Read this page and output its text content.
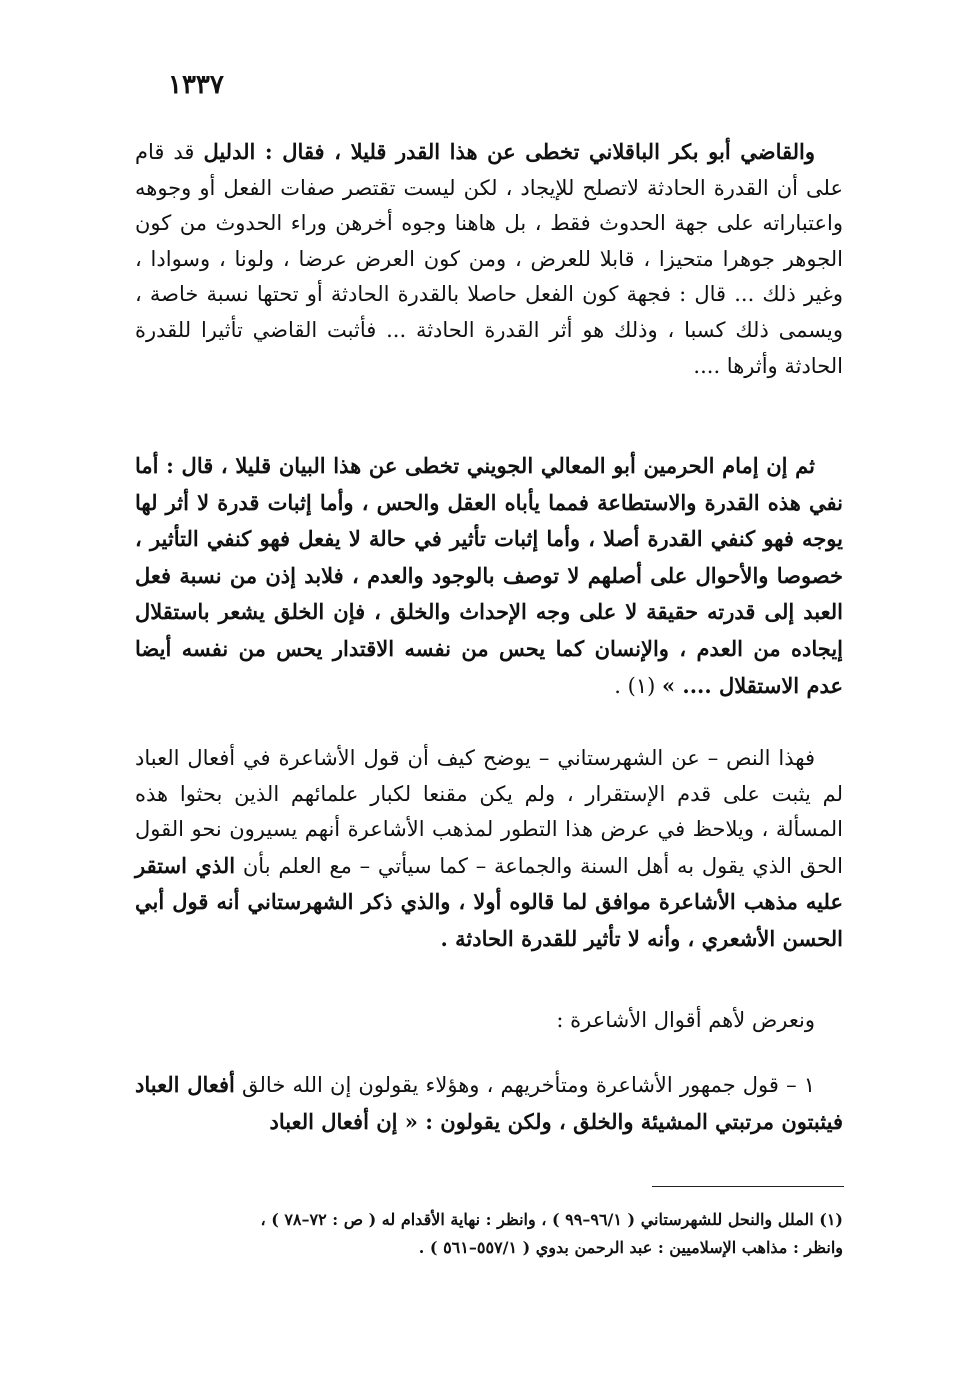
١٣٣٧

والقاضي أبو بكر الباقلاني تخطى عن هذا القدر قليلا ، فقال : الدليل قد قام على أن القدرة الحادثة لاتصلح للإيجاد ، لكن ليست تقتصر صفات الفعل أو وجوهه واعتباراته على جهة الحدوث فقط ، بل هاهنا وجوه أخرهن وراء الحدوث من كون الجوهر جوهرا متحيزا ، قابلا للعرض ، ومن كون العرض عرضا ، ولونا ، وسوادا ، وغير ذلك ... قال : فجهة كون الفعل حاصلا بالقدرة الحادثة أو تحتها نسبة خاصة ، ويسمى ذلك كسبا ، وذلك هو أثر القدرة الحادثة ... فأثبت القاضي تأثيرا للقدرة الحادثة وأثرها ....

ثم إن إمام الحرمين أبو المعالي الجويني تخطى عن هذا البيان قليلا ، قال : أما نفي هذه القدرة والاستطاعة فمما يأباه العقل والحس ، وأما إثبات قدرة لا أثر لها يوجه فهو كنفي القدرة أصلا ، وأما إثبات تأثير في حالة لا يفعل فهو كنفي التأثير ، خصوصا والأحوال على أصلهم لا توصف بالوجود والعدم ، فلابد إذن من نسبة فعل العبد إلى قدرته حقيقة لا على وجه الإحداث والخلق ، فإن الخلق يشعر باستقلال إيجاده من العدم ، والإنسان كما يحس من نفسه الاقتدار يحس من نفسه أيضا عدم الاستقلال .... » (١) .

فهذا النص – عن الشهرستاني – يوضح كيف أن قول الأشاعرة في أفعال العباد لم يثبت على قدم الإستقرار ، ولم يكن مقنعا لكبار علمائهم الذين بحثوا هذه المسألة ، ويلاحظ في عرض هذا التطور لمذهب الأشاعرة أنهم يسيرون نحو القول الحق الذي يقول به أهل السنة والجماعة – كما سيأتي – مع العلم بأن الذي استقر عليه مذهب الأشاعرة موافق لما قالوه أولا ، والذي ذكر الشهرستاني أنه قول أبي الحسن الأشعري ، وأنه لا تأثير للقدرة الحادثة .

ونعرض لأهم أقوال الأشاعرة :

١ – قول جمهور الأشاعرة ومتأخريهم ، وهؤلاء يقولون إن الله خالق أفعال العباد فيثبتون مرتبتي المشيئة والخلق ، ولكن يقولون : « إن أفعال العباد

(١) الملل والنحل للشهرستاني ( ٩٦/١–٩٩ ) ، وانظر : نهاية الأقدام له ( ص : ٧٢–٧٨ ) ،
وانظر : مذاهب الإسلاميين : عبد الرحمن بدوي ( ٥٥٧/١–٥٦١ ) .
